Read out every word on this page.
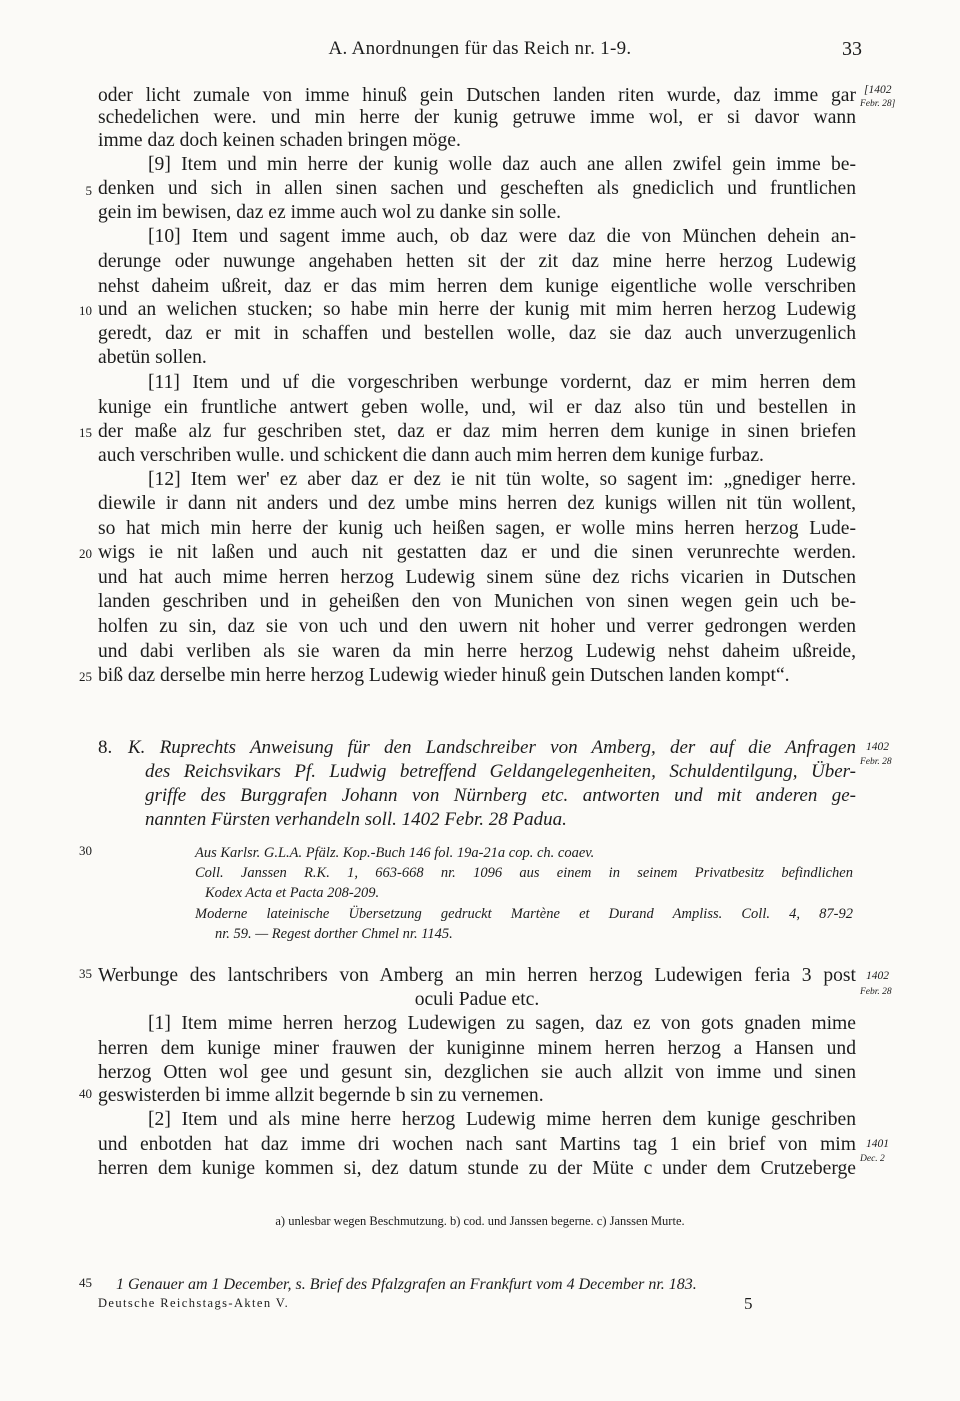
A. Anordnungen für das Reich nr. 1-9.	33
oder licht zumale von imme hinuß gein Dutschen landen riten wurde, daz imme gar
schedelichen were. und min herre der kunig getruwe imme wol, er si davor wann
imme daz doch keinen schaden bringen möge.
[9] Item und min herre der kunig wolle daz auch ane allen zwifel gein imme be-
denken und sich in allen sinen sachen und gescheften als gnediclich und fruntlichen
gein im bewisen, daz ez imme auch wol zu danke sin solle.
[10] Item und sagent imme auch, ob daz were daz die von München dehein an-
derunge oder nuwunge angehaben hetten sit der zit daz mine herre herzog Ludewig
nehst daheim ußreit, daz er das mim herren dem kunige eigentliche wolle verschriben
und an welichen stucken; so habe min herre der kunig mit mim herren herzog Ludewig
geredt, daz er mit in schaffen und bestellen wolle, daz sie daz auch unverzugenlich
abetün sollen.
[11] Item und uf die vorgeschriben werbunge vordernt, daz er mim herren dem
kunige ein fruntliche antwert geben wolle, und, wil er daz also tün und bestellen in
der maße alz fur geschriben stet, daz er daz mim herren dem kunige in sinen briefen
auch verschriben wulle. und schickent die dann auch mim herren dem kunige furbaz.
[12] Item wer' ez aber daz er dez ie nit tün wolte, so sagent im: „gnediger herre.
diewile ir dann nit anders und dez umbe mins herren dez kunigs willen nit tün wollent,
so hat mich min herre der kunig uch heißen sagen, er wolle mins herren herzog Lude-
wigs ie nit laßen und auch nit gestatten daz er und die sinen verunrechte werden.
und hat auch mime herren herzog Ludewig sinem süne dez richs vicarien in Dutschen
landen geschriben und in geheißen den von Munichen von sinen wegen gein uch be-
holfen zu sin, daz sie von uch und den uwern nit hoher und verrer gedrongen werden
und dabi verliben als sie waren da min herre herzog Ludewig nehst daheim ußreide,
biß daz derselbe min herre herzog Ludewig wieder hinuß gein Dutschen landen kompt“.
5
10
15
20
25
30
35
40
45
[1402
Febr. 28]
1402
Febr. 28
1402
Febr. 28
1401
Dec. 2
8. K. Ruprechts Anweisung für den Landschreiber von Amberg, der auf die Anfragen
des Reichsvikars Pf. Ludwig betreffend Geldangelegenheiten, Schuldentilgung, Über-
griffe des Burggrafen Johann von Nürnberg etc. antworten und mit anderen ge-
nannten Fürsten verhandeln soll. 1402 Febr. 28 Padua.
Aus Karlsr. G.L.A. Pfälz. Kop.-Buch 146 fol. 19a-21a cop. ch. coaev.
Coll. Janssen R.K. 1, 663-668 nr. 1096 aus einem in seinem Privatbesitz befindlichen
Kodex Acta et Pacta 208-209.
Moderne lateinische Übersetzung gedruckt Martène et Durand Ampliss. Coll. 4, 87-92
nr. 59. — Regest dorther Chmel nr. 1145.
Werbunge des lantschribers von Amberg an min herren herzog Ludewigen feria 3 post
oculi Padue etc.
[1] Item mime herren herzog Ludewigen zu sagen, daz ez von gots gnaden mime
herren dem kunige miner frauwen der kuniginne minem herren herzog a Hansen und
herzog Otten wol gee und gesunt sin, dezglichen sie auch allzit von imme und sinen
geswisterden bi imme allzit begernde b sin zu vernemen.
[2] Item und als mine herre herzog Ludewig mime herren dem kunige geschriben
und enbotden hat daz imme dri wochen nach sant Martins tag 1 ein brief von mim
herren dem kunige kommen si, dez datum stunde zu der Müte c under dem Crutzeberge
a) unlesbar wegen Beschmutzung. b) cod. und Janssen begerne. c) Janssen Murte.
1 Genauer am 1 December, s. Brief des Pfalzgrafen an Frankfurt vom 4 December nr. 183.
Deutsche Reichstags-Akten V.	5
